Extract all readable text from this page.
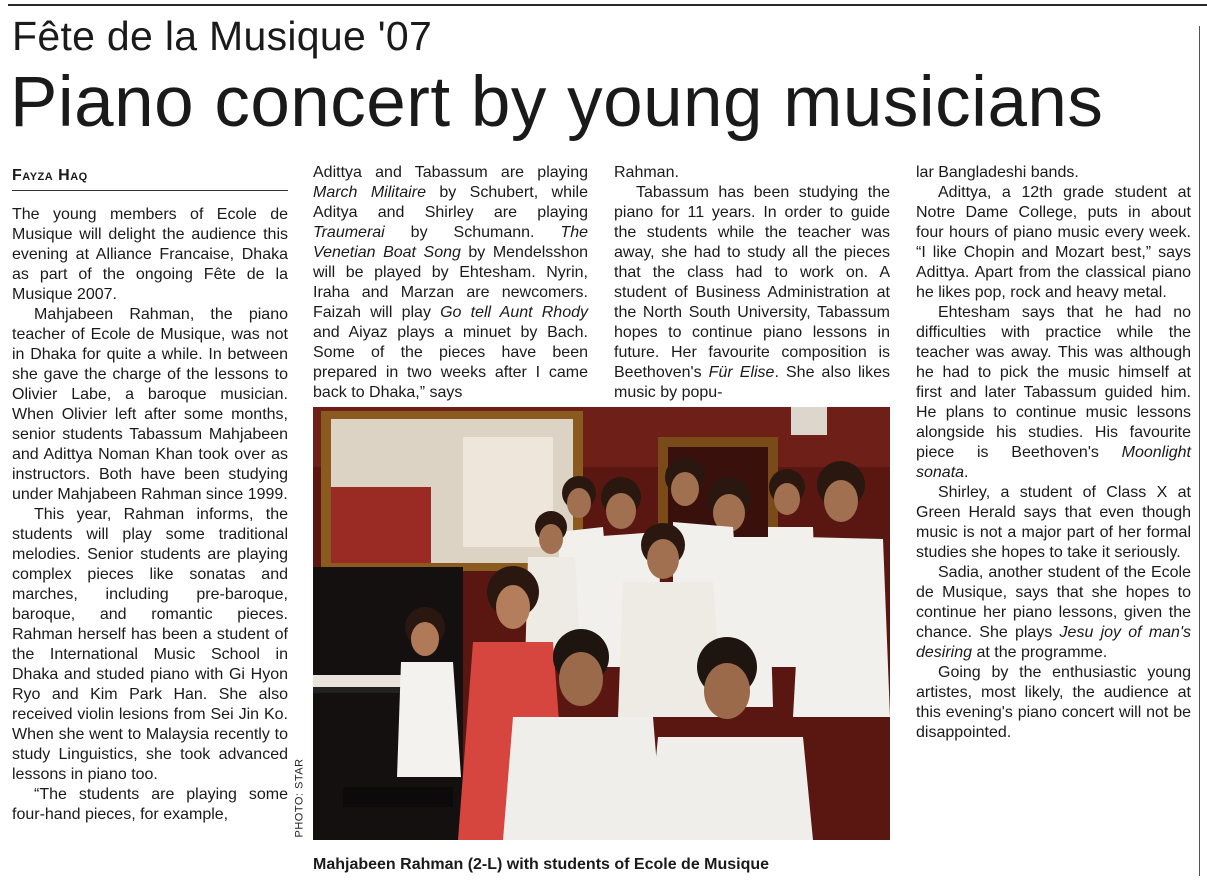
Fête de la Musique '07
Piano concert by young musicians
Fayza Haq

The young members of Ecole de Musique will delight the audience this evening at Alliance Francaise, Dhaka as part of the ongoing Fête de la Musique 2007.

Mahjabeen Rahman, the piano teacher of Ecole de Musique, was not in Dhaka for quite a while. In between she gave the charge of the lessons to Olivier Labe, a baroque musician. When Olivier left after some months, senior students Tabassum Mahjabeen and Adittya Noman Khan took over as instructors. Both have been studying under Mahjabeen Rahman since 1999.

This year, Rahman informs, the students will play some traditional melodies. Senior students are playing complex pieces like sonatas and marches, including pre-baroque, baroque, and romantic pieces. Rahman herself has been a student of the International Music School in Dhaka and studed piano with Gi Hyon Ryo and Kim Park Han. She also received violin lesions from Sei Jin Ko. When she went to Malaysia recently to study Linguistics, she took advanced lessons in piano too.

“The students are playing some four-hand pieces, for example,

Adittya and Tabassum are playing March Militaire by Schubert, while Aditya and Shirley are playing Traumerai by Schumann. The Venetian Boat Song by Mendelsshon will be played by Ehtesham. Nyrin, Iraha and Marzan are newcomers. Faizah will play Go tell Aunt Rhody and Aiyaz plays a minuet by Bach. Some of the pieces have been prepared in two weeks after I came back to Dhaka,” says

Rahman.

Tabassum has been studying the piano for 11 years. In order to guide the students while the teacher was away, she had to study all the pieces that the class had to work on. A student of Business Administration at the North South University, Tabassum hopes to continue piano lessons in future. Her favourite composition is Beethoven's Für Elise. She also likes music by popu-

lar Bangladeshi bands.

Adittya, a 12th grade student at Notre Dame College, puts in about four hours of piano music every week. “I like Chopin and Mozart best,” says Adittya. Apart from the classical piano he likes pop, rock and heavy metal.

Ehtesham says that he had no difficulties with practice while the teacher was away. This was although he had to pick the music himself at first and later Tabassum guided him. He plans to continue music lessons alongside his studies. His favourite piece is Beethoven's Moonlight sonata.

Shirley, a student of Class X at Green Herald says that even though music is not a major part of her formal studies she hopes to take it seriously.

Sadia, another student of the Ecole de Musique, says that she hopes to continue her piano lessons, given the chance. She plays Jesu joy of man's desiring at the programme.

Going by the enthusiastic young artistes, most likely, the audience at this evening's piano concert will not be disappointed.

PHOTO: STAR
Mahjabeen Rahman (2-L) with students of Ecole de Musique
